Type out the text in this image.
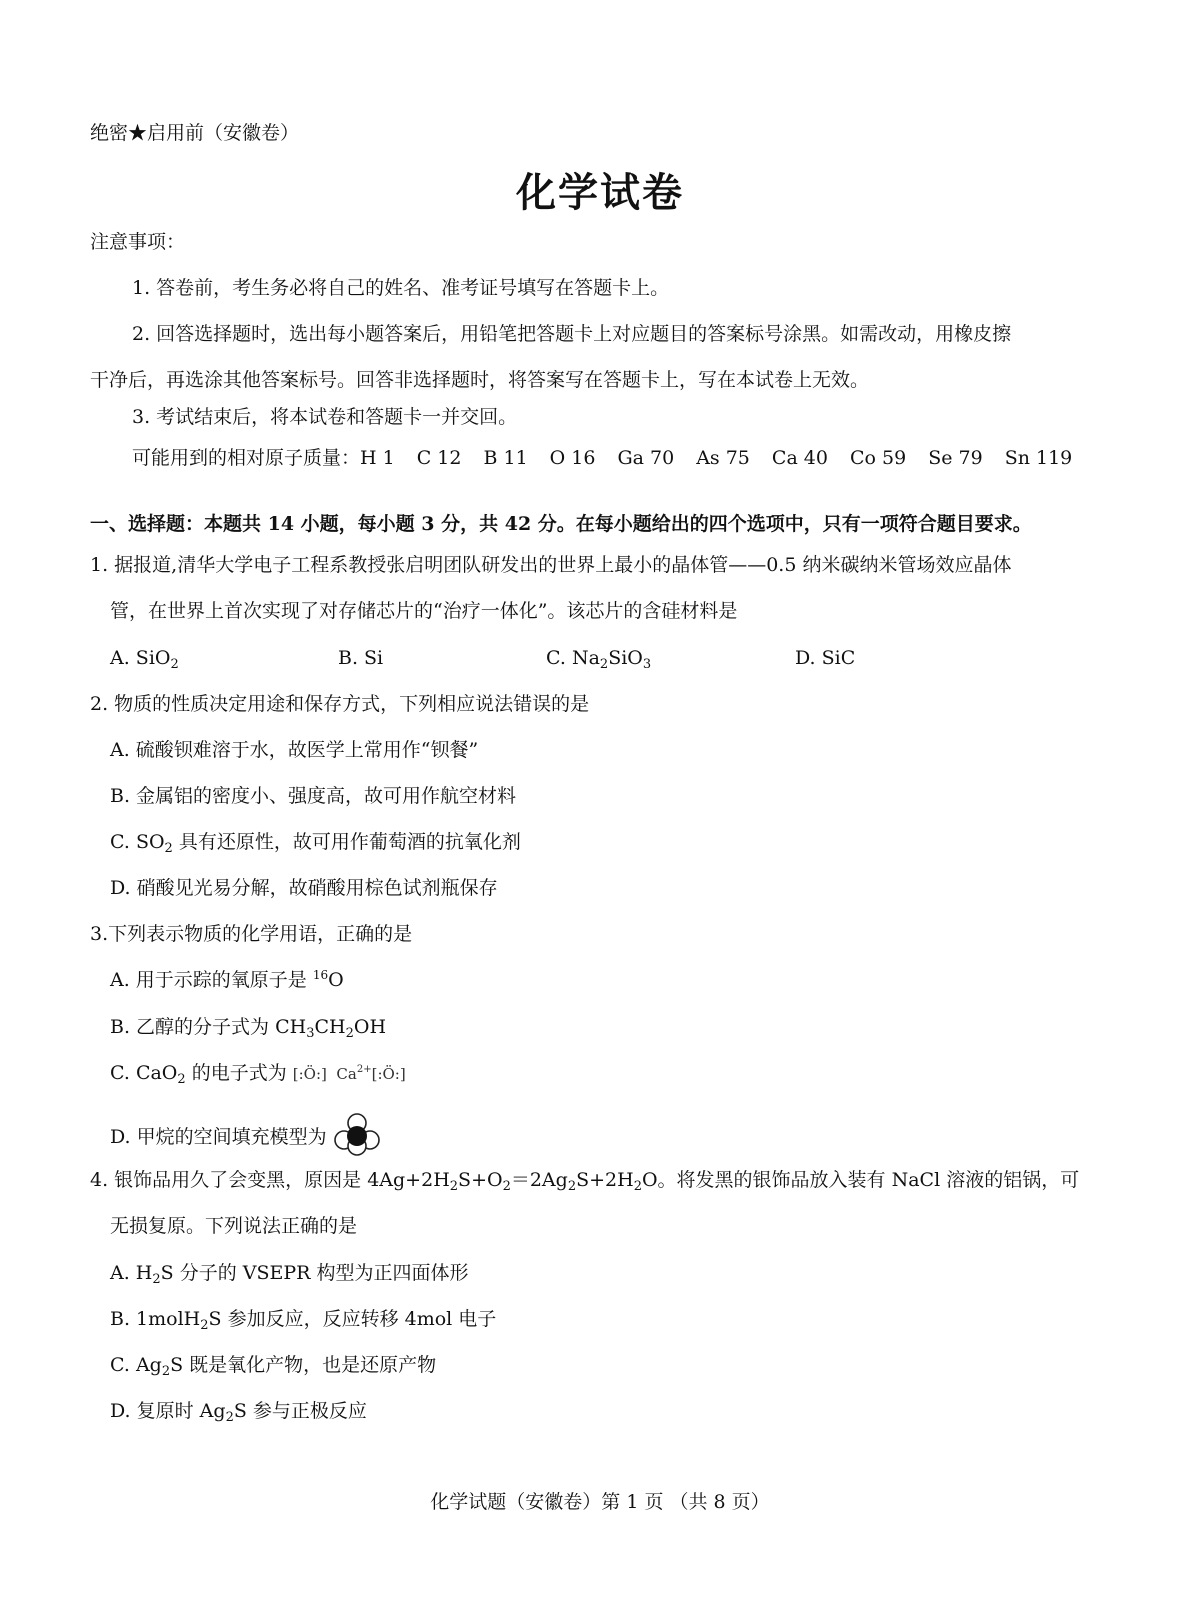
绝密★启用前（安徽卷）
化学试卷
注意事项：
1. 答卷前，考生务必将自己的姓名、准考证号填写在答题卡上。
2. 回答选择题时，选出每小题答案后，用铅笔把答题卡上对应题目的答案标号涂黑。如需改动，用橡皮擦
干净后，再选涂其他答案标号。回答非选择题时，将答案写在答题卡上，写在本试卷上无效。
3. 考试结束后，将本试卷和答题卡一并交回。
可能用到的相对原子质量：H 1 C 12 B 11 O 16 Ga 70 As 75 Ca 40 Co 59 Se 79 Sn 119
一、选择题：本题共 14 小题，每小题 3 分，共 42 分。在每小题给出的四个选项中，只有一项符合题目要求。
1. 据报道,清华大学电子工程系教授张启明团队研发出的世界上最小的晶体管——0.5 纳米碳纳米管场效应晶体
管，在世界上首次实现了对存储芯片的“治疗一体化”。该芯片的含硅材料是
A. SiO$_2$	B. Si	C. $Na_2SiO_3$	D. SiC
2. 物质的性质决定用途和保存方式，下列相应说法错误的是
A. 硫酸钡难溶于水，故医学上常用作“钡餐”
B. 金属铝的密度小、强度高，故可用作航空材料
C. $SO_2$ 具有还原性，故可用作葡萄酒的抗氧化剂
D. 硝酸见光易分解，故硝酸用棕色试剂瓶保存
3.下列表示物质的化学用语，正确的是
A. 用于示踪的氧原子是 $^{16}$O
B. 乙醇的分子式为 $CH_3CH_2OH$
C. CaO$_2$ 的电子式为 [:Ö:] $Ca^{2+}[:Ö:]$
D. 甲烷的空间填充模型为
4. 银饰品用久了会变黑，原因是 $4Ag+2H_2S+O_2=2Ag_2S+2H_2O$。将发黑的银饰品放入装有 NaCl 溶液的铝锅，可
无损复原。下列说法正确的是
A. $H_2S$ 分子的 VSEPR 构型为正四面体形
B. 1molH$_2$S 参加反应，反应转移 4mol 电子
C. $Ag_2S$ 既是氧化产物，也是还原产物
D. 复原时 $Ag_2S$ 参与正极反应
化学试题（安徽卷）第 1 页 （共 8 页）
